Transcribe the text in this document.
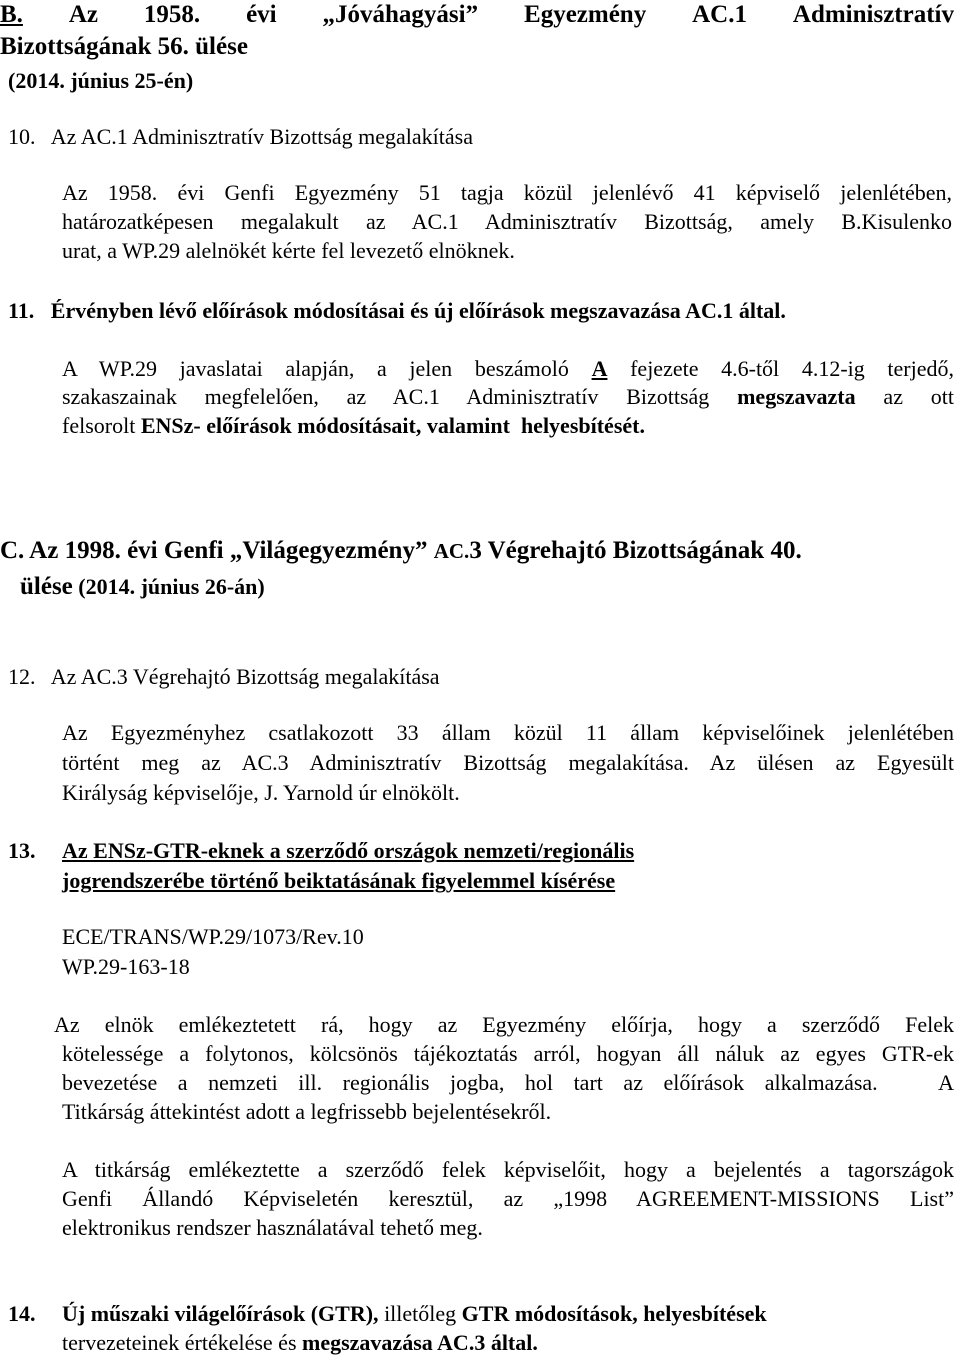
B. Az 1958. évi „Jóváhagyási” Egyezmény AC.1 Adminisztratív
Bizottságának 56. ülése
(2014. június 25-én)
10.   Az AC.1 Adminisztratív Bizottság megalakítása
Az 1958. évi Genfi Egyezmény 51 tagja közül jelenlévő 41 képviselő jelenlétében,
határozatképesen megalakult az AC.1 Adminisztratív Bizottság, amely B.Kisulenko
urat, a WP.29 alelnökét kérte fel levezető elnöknek.
11.   Érvényben lévő előírások módosításai és új előírások megszavazása AC.1 által.
A WP.29 javaslatai alapján, a jelen beszámoló A fejezete 4.6-től 4.12-ig terjedő,
szakaszainak megfelelően, az AC.1 Adminisztratív Bizottság megszavazta az ott
felsorolt ENSz- előírások módosításait, valamint  helyesbítését.
C. Az 1998. évi Genfi „Világegyezmény” AC.3 Végrehajtó Bizottságának 40.
ülése (2014. június 26-án)
12.   Az AC.3 Végrehajtó Bizottság megalakítása
Az Egyezményhez csatlakozott 33 állam közül 11 állam képviselőinek jelenlétében
történt meg az AC.3 Adminisztratív Bizottság megalakítása. Az ülésen az Egyesült
Királyság képviselője, J. Yarnold úr elnökölt.
13. Az ENSz-GTR-eknek a szerződő országok nemzeti/regionális
jogrendszerébe történő beiktatásának figyelemmel kísérése
ECE/TRANS/WP.29/1073/Rev.10
WP.29-163-18
Az elnök emlékeztetett rá, hogy az Egyezmény előírja, hogy a szerződő Felek
kötelessége a folytonos, kölcsönös tájékoztatás arról, hogyan áll náluk az egyes GTR-ek
bevezetése a nemzeti ill. regionális jogba, hol tart az előírások alkalmazása.   A
Titkárság áttekintést adott a legfrissebb bejelentésekről.
A titkárság emlékeztette a szerződő felek képviselőit, hogy a bejelentés a tagországok
Genfi Állandó Képviseletén keresztül, az „1998 AGREEMENT-MISSIONS List”
elektronikus rendszer használatával tehető meg.
14. Új műszaki világelőírások (GTR), illetőleg GTR módosítások, helyesbítések
tervezeteinek értékelése és megszavazása AC.3 által.
